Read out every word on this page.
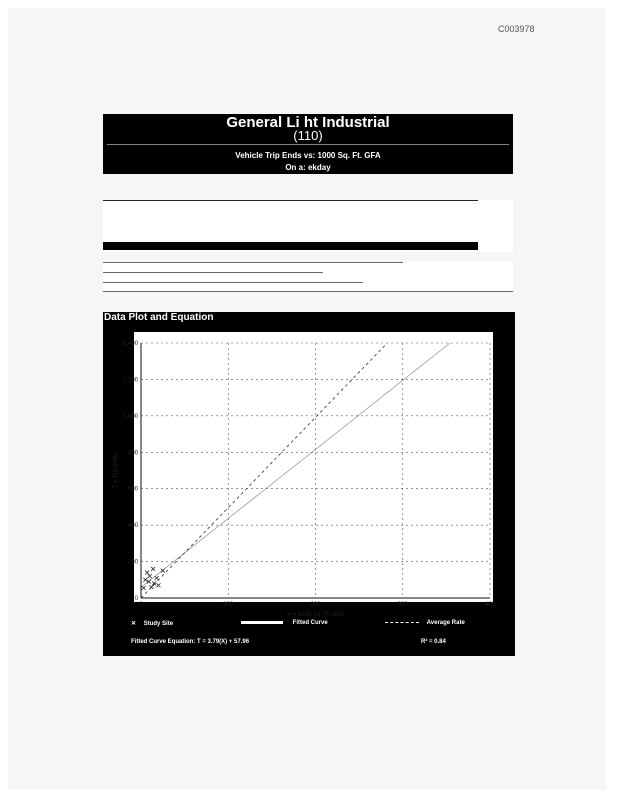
C003978
General Li ht Industrial
(110)
Vehicle Trip Ends vs: 1000 Sq. Ft. GFA
On a: ekday
Data Plot and Equation
0
200
400
600
800
1,000
1,200
1,400
0	100	200	300	400
X = 1000 Sq. Ft. GFA
T = Trip Ends
✕ Study Site	Fitted Curve	Average Rate
Fitted Curve Equation: T = 3.79(X) + 57.96	R² = 0.84
